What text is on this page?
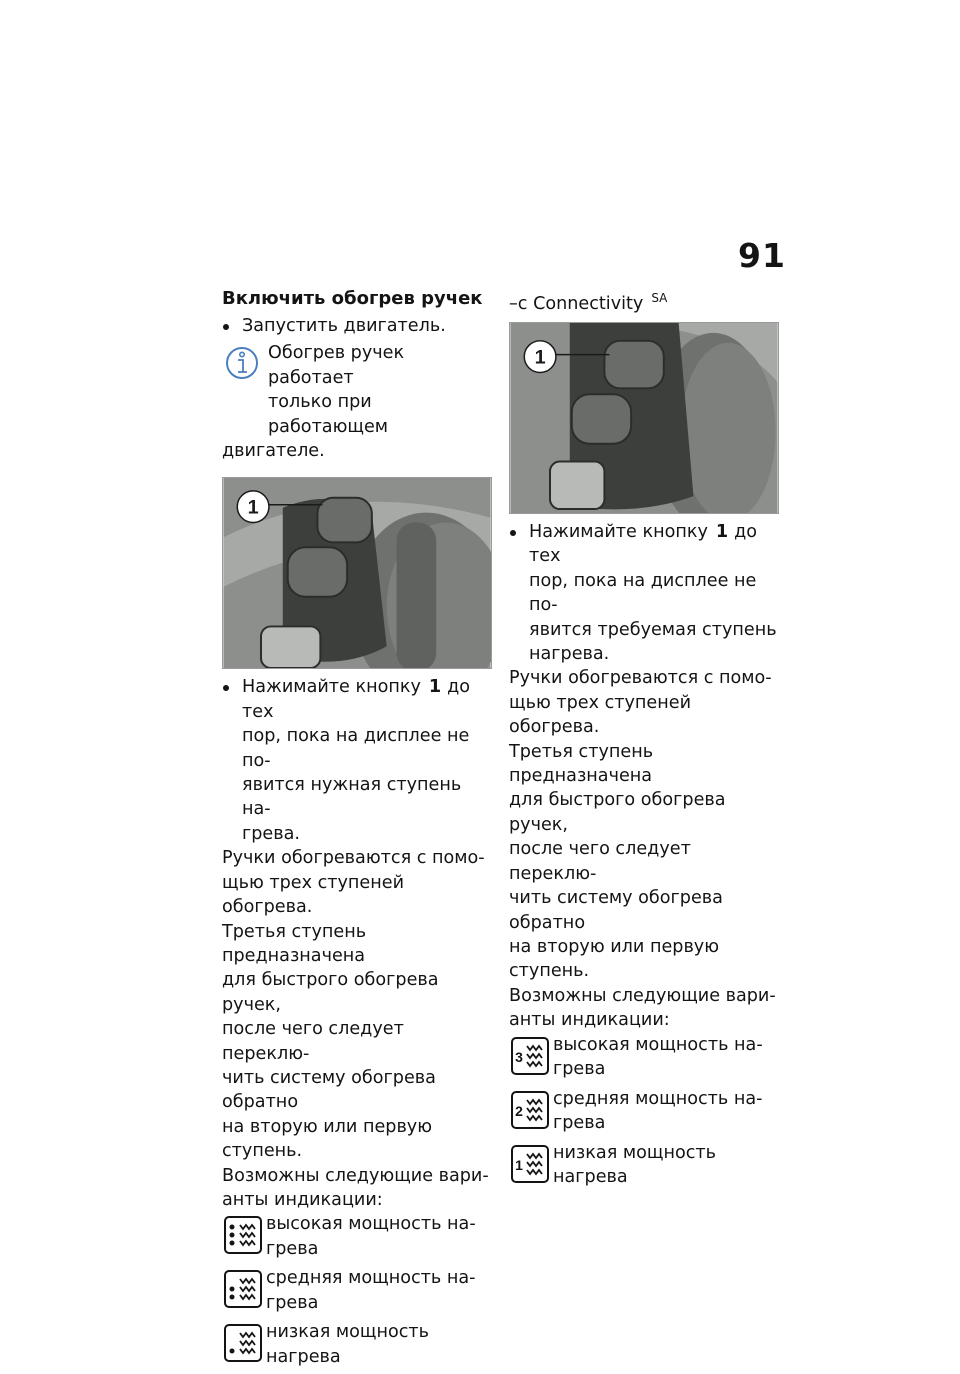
91
Включить обогрев ручек
Запустить двигатель.

Обогрев ручек работает

только при работающем

двигателе.

1
Нажимайте кнопку 1 до тех
пор, пока на дисплее не по-
явится нужная ступень на-
грева.

Ручки обогреваются с помо-

щью трех ступеней обогрева.

Третья ступень предназначена

для быстрого обогрева ручек,

после чего следует переклю-

чить систему обогрева обратно

на вторую или первую ступень.

Возможны следующие вари-

анты индикации:

высокая мощность на-
грева
средняя мощность на-
грева
низкая мощность нагрева
–с Connectivity $^{SA}$
1
Нажимайте кнопку 1 до тех
пор, пока на дисплее не по-
явится требуемая ступень
нагрева.

Ручки обогреваются с помо-

щью трех ступеней обогрева.

Третья ступень предназначена

для быстрого обогрева ручек,

после чего следует переклю-

чить систему обогрева обратно

на вторую или первую ступень.

Возможны следующие вари-

анты индикации:

3
высокая мощность на-
грева
2
средняя мощность на-
грева
1
низкая мощность нагрева
